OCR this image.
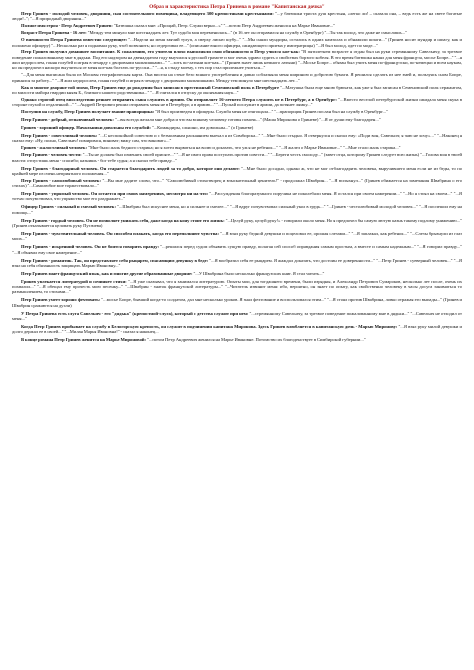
Образ и характеристика Петра Гринева в романе "Капитанская дочка"

Петр Гринев - молодой человек, дворянин, сын состоятельного помещика, владеющего 300 крепостными крестьянами: "...у батюшки триста душ крестьян, «легко ли! – сказала она, – ведь есть же на свете богатые люди!.."; "...Я природный дворянин..."

Полное имя героя - Петр Андреевич Гринев: "Батюшка сказал мне: «Прощай, Петр. Служи верно...»" "...потом Петр Андреевич женился на Марье Ивановне..."

Возраст Петра Гринева - 16 лет: "Между тем минуло мне шестнадцать лет. Тут судьба моя переменилась..." (в 16 лет он отправился на службу в Оренбург) "...Ты так молод, что даже не смыслишь..."

О внешности Петра Гринева известно следующее: "...Надели на меня заячий тулуп, а сверху лисью шубу..." "...Мы сняли мундиры, остались в одних камзолах и обнажили шпаги..." (Гринев носит мундир и шпагу, как и положено офицеру) "...Несколько раз я поднимал руку, чтоб позвонить; но отдергивал ее..." (описание юного офицера, ожидающего приема у императрицы) "...Я был молод, одет по моде..."

Петр Гринев получил домашнее воспитание. К сожалению, его учителя плохо выполняли свои обязанности и Петр учился кое-как: "В пятилетнем возрасте я отдан был на руки стремянному Савельичу, за трезвое поведение пожалованному мне в дядьки. Под его надзором на двенадцатом году выучился я русской грамоте и мог очень здраво судить о свойствах борзого кобеля. В это время батюшка нанял для меня француза, мосье Бопре..." "...я жил недорослем, гоняя голубей и играя в чехарду с дворовыми мальчишками..." "...хоть по-латыни кое-как..." (Гринев знает лишь немного латыни) "...Мосье Бопре... обязан был учить меня по-французски, по-немецки и всем наукам, но он предпочел наскоро выучиться от меня кое-как болтать по-русски..." "...я, к стыду моему, с тех пор стал прилежнее учиться..."

"...Для меня выписана была из Москвы географическая карта. Она висела на стене безо всякого употребления и давно соблазняла меня шириною и добротою бумаги. Я решился сделать из нее змей и, пользуясь сном Бопре, принялся за работу..." "...Я жил недорослем, гоняя голубей и играя в чехарду с дворовыми мальчишками. Между тем минуло мне шестнадцать лет..."

Как и многие дворяне той эпохи, Петр Гринев еще до рождения был записан в престижный Семеновский полк в Петербурге "...Матушка была еще мною брюхата, как уже я был записан в Семеновский полк сержантом, по милости майора гвардии князя Б., близкого нашего родственника..." "...Я считался в отпуску до окончания наук..."

Однако строгий отец впоследствии решает отправить сына служить в армию. Он отправляет 16-летнего Петра служить не в Петербург, а в Оренбург: "...Вместо веселой петербургской жизни ожидала меня скука в стороне глухой и отдаленной..." "...Андрей Петрович решил отправить меня не в Петербург, а в армию..." "...Пускай послужит в армии, да потянет лямку..."

Поступив на службу, Петр Гринев получает звание прапорщика: "Я был произведен в офицеры. Служба меня не отягощала..." "...прапорщик Гринев послан был на службу в Оренбург..."

Петр Гринев - добрый, отзывчивый человек: "...вы всегда желали мне добра и что вы всякому человеку готовы помочь..." (Маша Миронова о Гриневе) "...Я от души ему благодарен..."

Гринев - хороший офицер. Начальники довольны его службой: "...Командиры, слышно, им довольны..." (о Гриневе)

Петр Гринев - совестливый человек: "...С неспокойной совестию и с безмолвным раскаянием выехал я из Симбирска..." "...Мне было стыдно. Я отвернулся и сказал ему: «Поди вон, Савельич; я чаю не хочу»..." "...Наконец я сказал ему: «Ну, полно, Савельич! помиримся, виноват; вижу сам, что виноват»..."

Гринев - жалостливый человек: "Мне было жаль бедного старика; но я хотел вырваться на волю и доказать, что уж я не ребенок..." "...Я жалел о Марье Ивановне..." "...Мне стало жаль старика..."

Петр Гринев - человек чести: "...Ты не должен был изменять своей присяге..." "...Я не имел права поступать против совести..." "...Береги честь смолоду..." (завет отца, которому Гринев следует всю жизнь) "...Голова моя в твоей власти: отпустишь меня - спасибо; казнишь - бог тебе судья; а я сказал тебе правду..."

Петр Гринев - благодарный человек. Он старается благодарить людей за то добро, которое они делают: "...Мне было досадно, однако ж, что не мог отблагодарить человека, выручившего меня если не из беды, то по крайней мере из очень неприятного положения..."

Петр Гринев - самолюбивый человек: "...Вы мне дадите слово, что..." "Самолюбивый стихотворец и взыскательный ценитель!" - продолжал Швабрин... "...Я вспыхнул..." (Гринев обижается на замечания Швабрина о его стихах) "...Самолюбие мое торжествовало..."

Петр Гринев - упрямый человек. Он остается при своих намерениях, несмотря ни на что: "...Рассуждения благоразумного поручика не поколебали меня. Я остался при своем намерении..." "...Но я стоял на своем..." "...Я тотчас почувствовал, что упрямство мое его раздражает..."

Офицер Гринев - сильный и смелый человек: "...Швабрин был искуснее меня, но я сильнее и смелее..." "...Я вдруг почувствовал сильный укол в грудь..." "...Гринев - честолюбивый молодой человек..." "...Я поспешил ему на помощь..."

Петр Гринев - гордый человек. Он не позволяет унижать себя, даже когда на кону стоит его жизнь: "...Целуй руку, целуй руку!» - говорили около меня. Но я предпочел бы самую лютую казнь такому подлому унижению..." (Гринев отказывается целовать руку Пугачева)

Петр Гринев - чувствительный человек. Он способен плакать, когда его переполняют чувства: "...Я взял руку бедной девушки и поцеловал ее, орошая слезами..." "...Я заплакал, как ребенок..." "...Слезы брызнули из глаз моих..."

Петр Гринев - искренний человек. Он не боится говорить правду: "...решился перед судом объявить сущую правду, полагая сей способ оправдания самым простым, а вместе и самым надежным..." "...Я говорил правду..." "...Я объявил ему свое намерение..."

Петр Гринев - романтик. Так, он представляет себя рыцарем, спасающим девушку в беде: "...Я вообразил себя ее рыцарем. Я жаждал доказать, что достоин ее доверенности..." "...Петр Гринев - суеверный человек..." "...Я взял на себя обязанность защищать Марью Ивановну..."

Петр Гринев знает французский язык, как и многие другие образованные дворяне: "...У Швабрина было несколько французских книг. Я стал читать..."

Гринев увлекается литературой и сочиняет стихи: "...Я уже сказывал, что я занимался литературою. Опыты мои, для тогдашнего времени, были изрядны, и Александр Петрович Сумароков, несколько лет после, очень их похвалил..." "...Я обещал ему прочесть мою песенку..." "...Швабрин - знаток французской литературы..." "...Читатель извинит меня: ибо, вероятно, он знает по опыту, как свойственно человеку в часы досуга заниматься то размышлением, то стихами..."

Петр Гринев умеет хорошо фехтовать: "...мосье Бопре, бывший когда-то солдатом, дал мне несколько уроков. Я знал фехтование и воспользовался этим..." "...Я стоял против Швабрина, ловко отражая его выпады..." (Гринев и Швабрин сражаются на дуэли)

У Петра Гринева есть слуга Савельич - его "дядька" (крепостной-слуга), который с детства служит при нем: "...стремянному Савельичу, за трезвое поведение пожалованному мне в дядьки..." "...Савельич не отходил от меня..."

Когда Петр Гринев прибывает на службу в Белогорскую крепость, он служит в подчинении капитана Миронова. Здесь Гринев влюбляется в капитанскую дочь - Марью Миронову: "...Я взял руку милой девушки и долго держал ее в своей..." "...Милая Марья Ивановна!" - сказал я наконец...

В конце романа Петр Гринев женится на Марье Мироновой: "...потом Петр Андреевич женился на Марье Ивановне. Потомство их благоденствует в Симбирской губернии..."
